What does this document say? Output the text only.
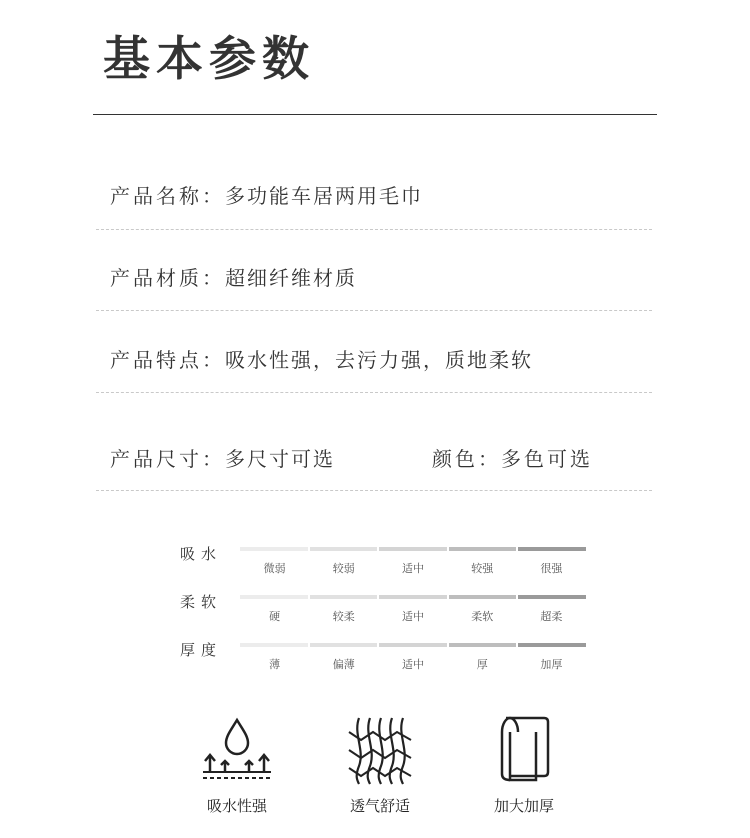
基本参数
产品名称：多功能车居两用毛巾
产品材质：超细纤维材质
产品特点：吸水性强，去污力强，质地柔软
产品尺寸：多尺寸可选	颜色：多色可选
吸水
微弱	较弱	适中	较强	很强
柔软
硬	较柔	适中	柔软	超柔
厚度
薄	偏薄	适中	厚	加厚
吸水性强	透气舒适	加大加厚
